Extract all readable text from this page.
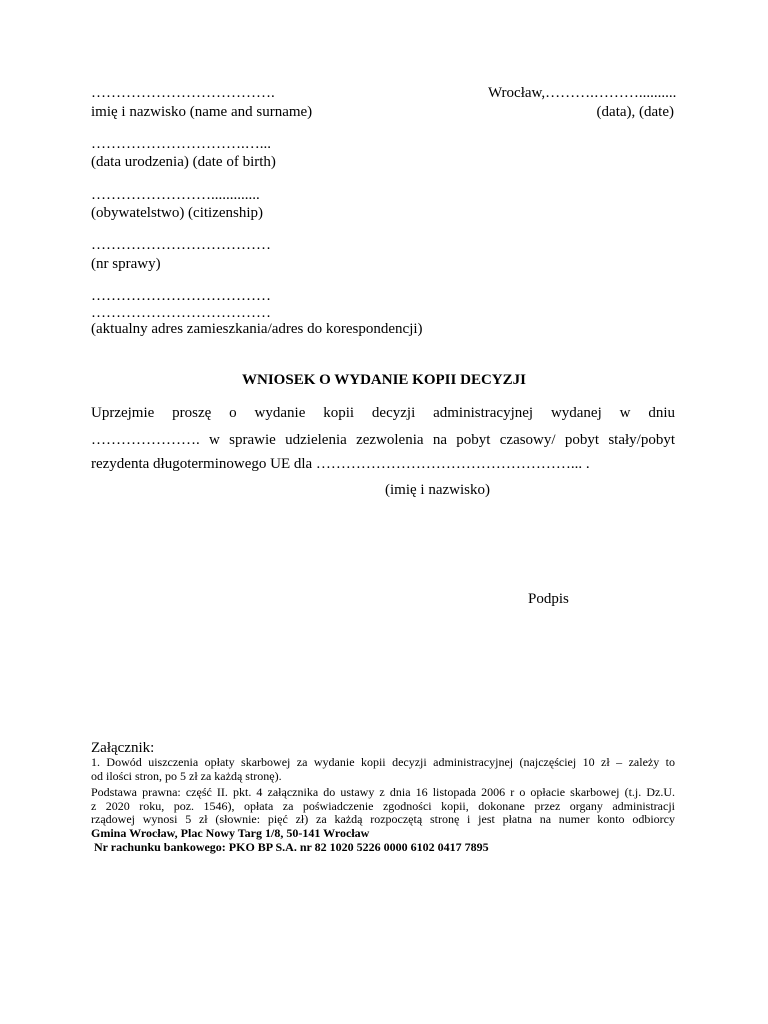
……………………………….
imię i nazwisko (name and surname)
Wrocław,……….………..........
(data), (date)
………………………….…...
(data urodzenia) (date of birth)
…………………….............
(obywatelstwo) (citizenship)
………………………………
(nr sprawy)
………………………………
………………………………
(aktualny adres zamieszkania/adres do korespondencji)
WNIOSEK O WYDANIE KOPII DECYZJI
Uprzejmie proszę o wydanie kopii decyzji administracyjnej wydanej w dniu
…………………. w sprawie udzielenia zezwolenia na pobyt czasowy/ pobyt stały/pobyt
rezydenta długoterminowego UE dla ……………………………………………... .
(imię i nazwisko)
Podpis
Załącznik:
1. Dowód uiszczenia opłaty skarbowej za wydanie kopii decyzji administracyjnej (najczęściej 10 zł – zależy to
od ilości stron, po 5 zł za każdą stronę).
Podstawa prawna: część II. pkt. 4 załącznika do ustawy z dnia 16 listopada 2006 r o opłacie skarbowej (t.j. Dz.U.
z 2020 roku, poz. 1546), opłata za poświadczenie zgodności kopii, dokonane przez organy administracji
rządowej wynosi 5 zł (słownie: pięć zł) za każdą rozpoczętą stronę i jest płatna na numer konto odbiorcy
Gmina Wrocław, Plac Nowy Targ 1/8, 50-141 Wrocław
Nr rachunku bankowego: PKO BP S.A. nr 82 1020 5226 0000 6102 0417 7895
